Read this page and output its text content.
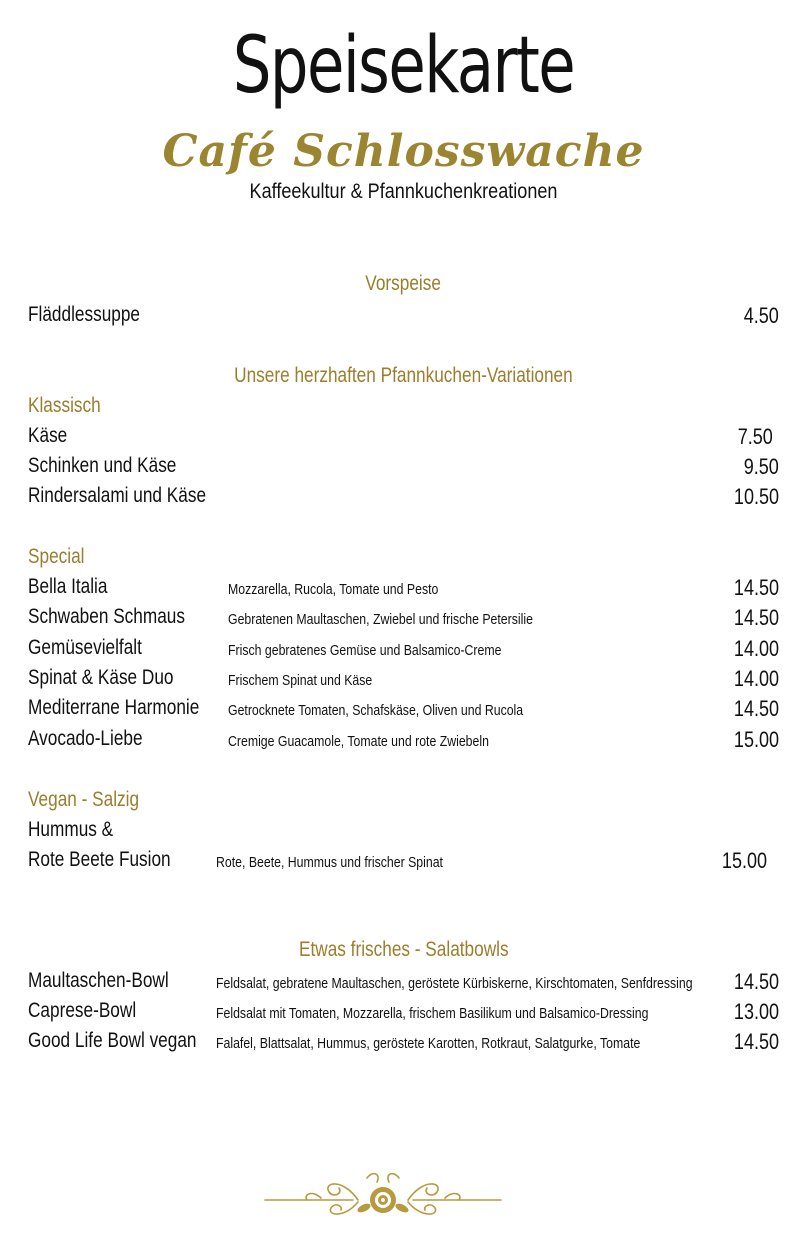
Speisekarte
Café Schlosswache
Kaffeekultur & Pfannkuchenkreationen
Vorspeise
Fläddlessuppe	4.50
Unsere herzhaften Pfannkuchen-Variationen
Klassisch
Käse	7.50
Schinken und Käse	9.50
Rindersalami und Käse	10.50
Special
Bella Italia	Mozzarella, Rucola, Tomate und Pesto	14.50
Schwaben Schmaus	Gebratenen Maultaschen, Zwiebel und frische Petersilie	14.50
Gemüsevielfalt	Frisch gebratenes Gemüse und Balsamico-Creme	14.00
Spinat & Käse Duo	Frischem Spinat und Käse	14.00
Mediterrane Harmonie	Getrocknete Tomaten, Schafskäse, Oliven und Rucola	14.50
Avocado-Liebe	Cremige Guacamole, Tomate und rote Zwiebeln	15.00
Vegan - Salzig
Hummus &
Rote Beete Fusion	Rote, Beete, Hummus und frischer Spinat	15.00
Etwas frisches - Salatbowls
Maultaschen-Bowl	Feldsalat, gebratene Maultaschen, geröstete Kürbiskerne, Kirschtomaten, Senfdressing	14.50
Caprese-Bowl	Feldsalat mit Tomaten, Mozzarella, frischem Basilikum und Balsamico-Dressing	13.00
Good Life Bowl vegan	Falafel, Blattsalat, Hummus, geröstete Karotten, Rotkraut, Salatgurke, Tomate	14.50
